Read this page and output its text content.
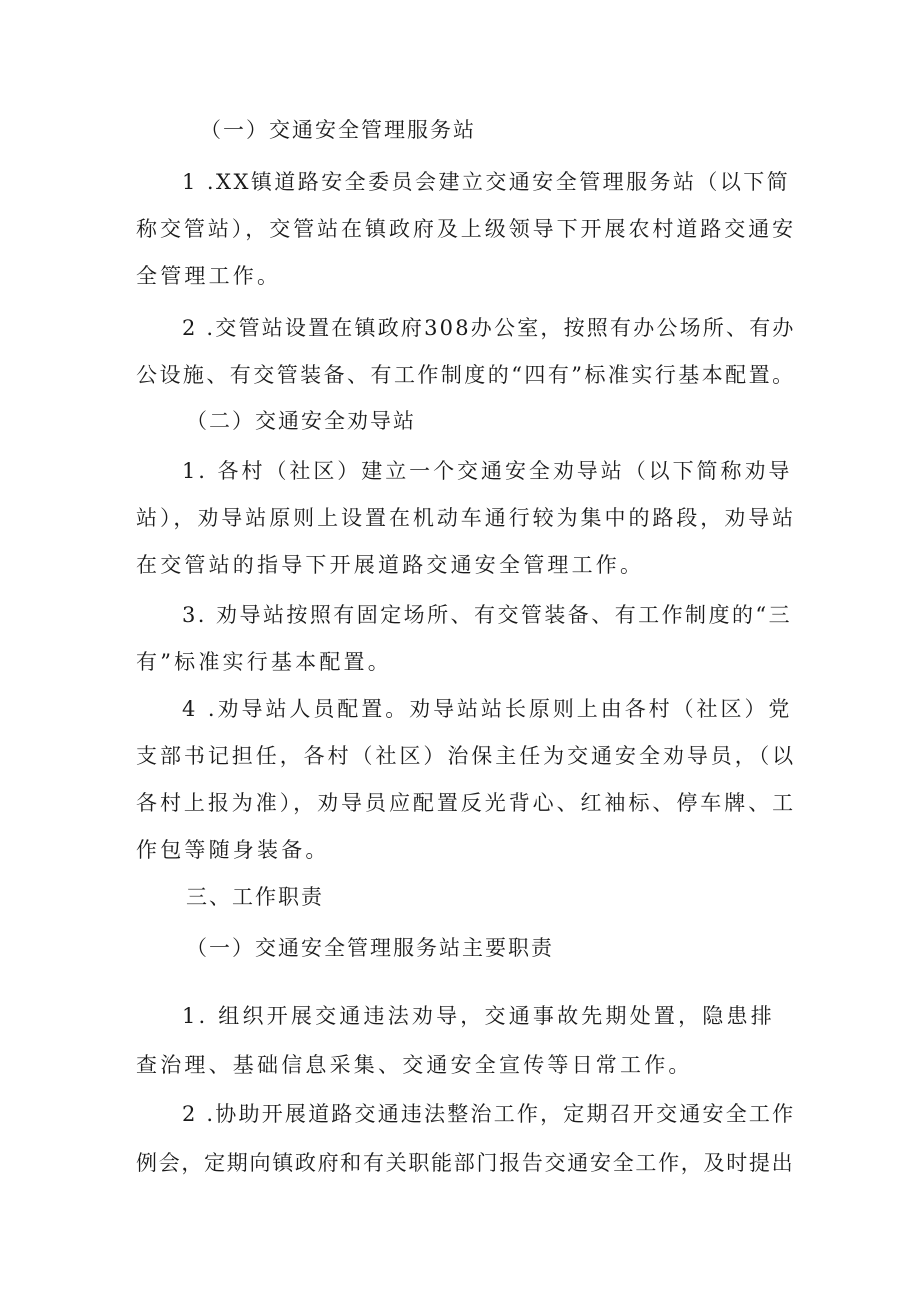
（一）交通安全管理服务站
1 .XX镇道路安全委员会建立交通安全管理服务站（以下简
称交管站），交管站在镇政府及上级领导下开展农村道路交通安
全管理工作。
2 .交管站设置在镇政府308办公室，按照有办公场所、有办
公设施、有交管装备、有工作制度的“四有”标准实行基本配置。
（二）交通安全劝导站
1. 各村（社区）建立一个交通安全劝导站（以下简称劝导
站），劝导站原则上设置在机动车通行较为集中的路段，劝导站
在交管站的指导下开展道路交通安全管理工作。
3. 劝导站按照有固定场所、有交管装备、有工作制度的“三
有”标准实行基本配置。
4 .劝导站人员配置。劝导站站长原则上由各村（社区）党
支部书记担任，各村（社区）治保主任为交通安全劝导员，（以
各村上报为准），劝导员应配置反光背心、红袖标、停车牌、工
作包等随身装备。
三、工作职责
（一）交通安全管理服务站主要职责
1. 组织开展交通违法劝导，交通事故先期处置，隐患排
查治理、基础信息采集、交通安全宣传等日常工作。
2 .协助开展道路交通违法整治工作，定期召开交通安全工作
例会，定期向镇政府和有关职能部门报告交通安全工作，及时提出
